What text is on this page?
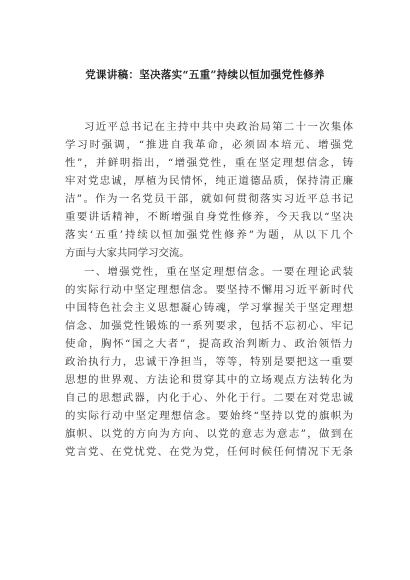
党课讲稿：坚决落实“五重”持续以恒加强党性修养
习近平总书记在主持中共中央政治局第二十一次集体
学习时强调，“推进自我革命，必须固本培元、增强党
性”，并鲜明指出，“增强党性，重在坚定理想信念，铸
牢对党忠诚，厚植为民情怀，纯正道德品质，保持清正廉
洁”。作为一名党员干部，就如何贯彻落实习近平总书记
重要讲话精神，不断增强自身党性修养，今天我以“坚决
落实‘五重’持续以恒加强党性修养”为题，从以下几个
方面与大家共同学习交流。
一、增强党性，重在坚定理想信念。一要在理论武装
的实际行动中坚定理想信念。要坚持不懈用习近平新时代
中国特色社会主义思想凝心铸魂，学习掌握关于坚定理想
信念、加强党性锻炼的一系列要求，包括不忘初心、牢记
使命，胸怀“国之大者”，提高政治判断力、政治领悟力
政治执行力，忠诚干净担当，等等，特别是要把这一重要
思想的世界观、方法论和贯穿其中的立场观点方法转化为
自己的思想武器，内化于心、外化于行。二要在对党忠诚
的实际行动中坚定理想信念。要始终“坚持以党的旗帜为
旗帜、以党的方向为方向、以党的意志为意志”，做到在
党言党、在党忧党、在党为党，任何时候任何情况下无条
